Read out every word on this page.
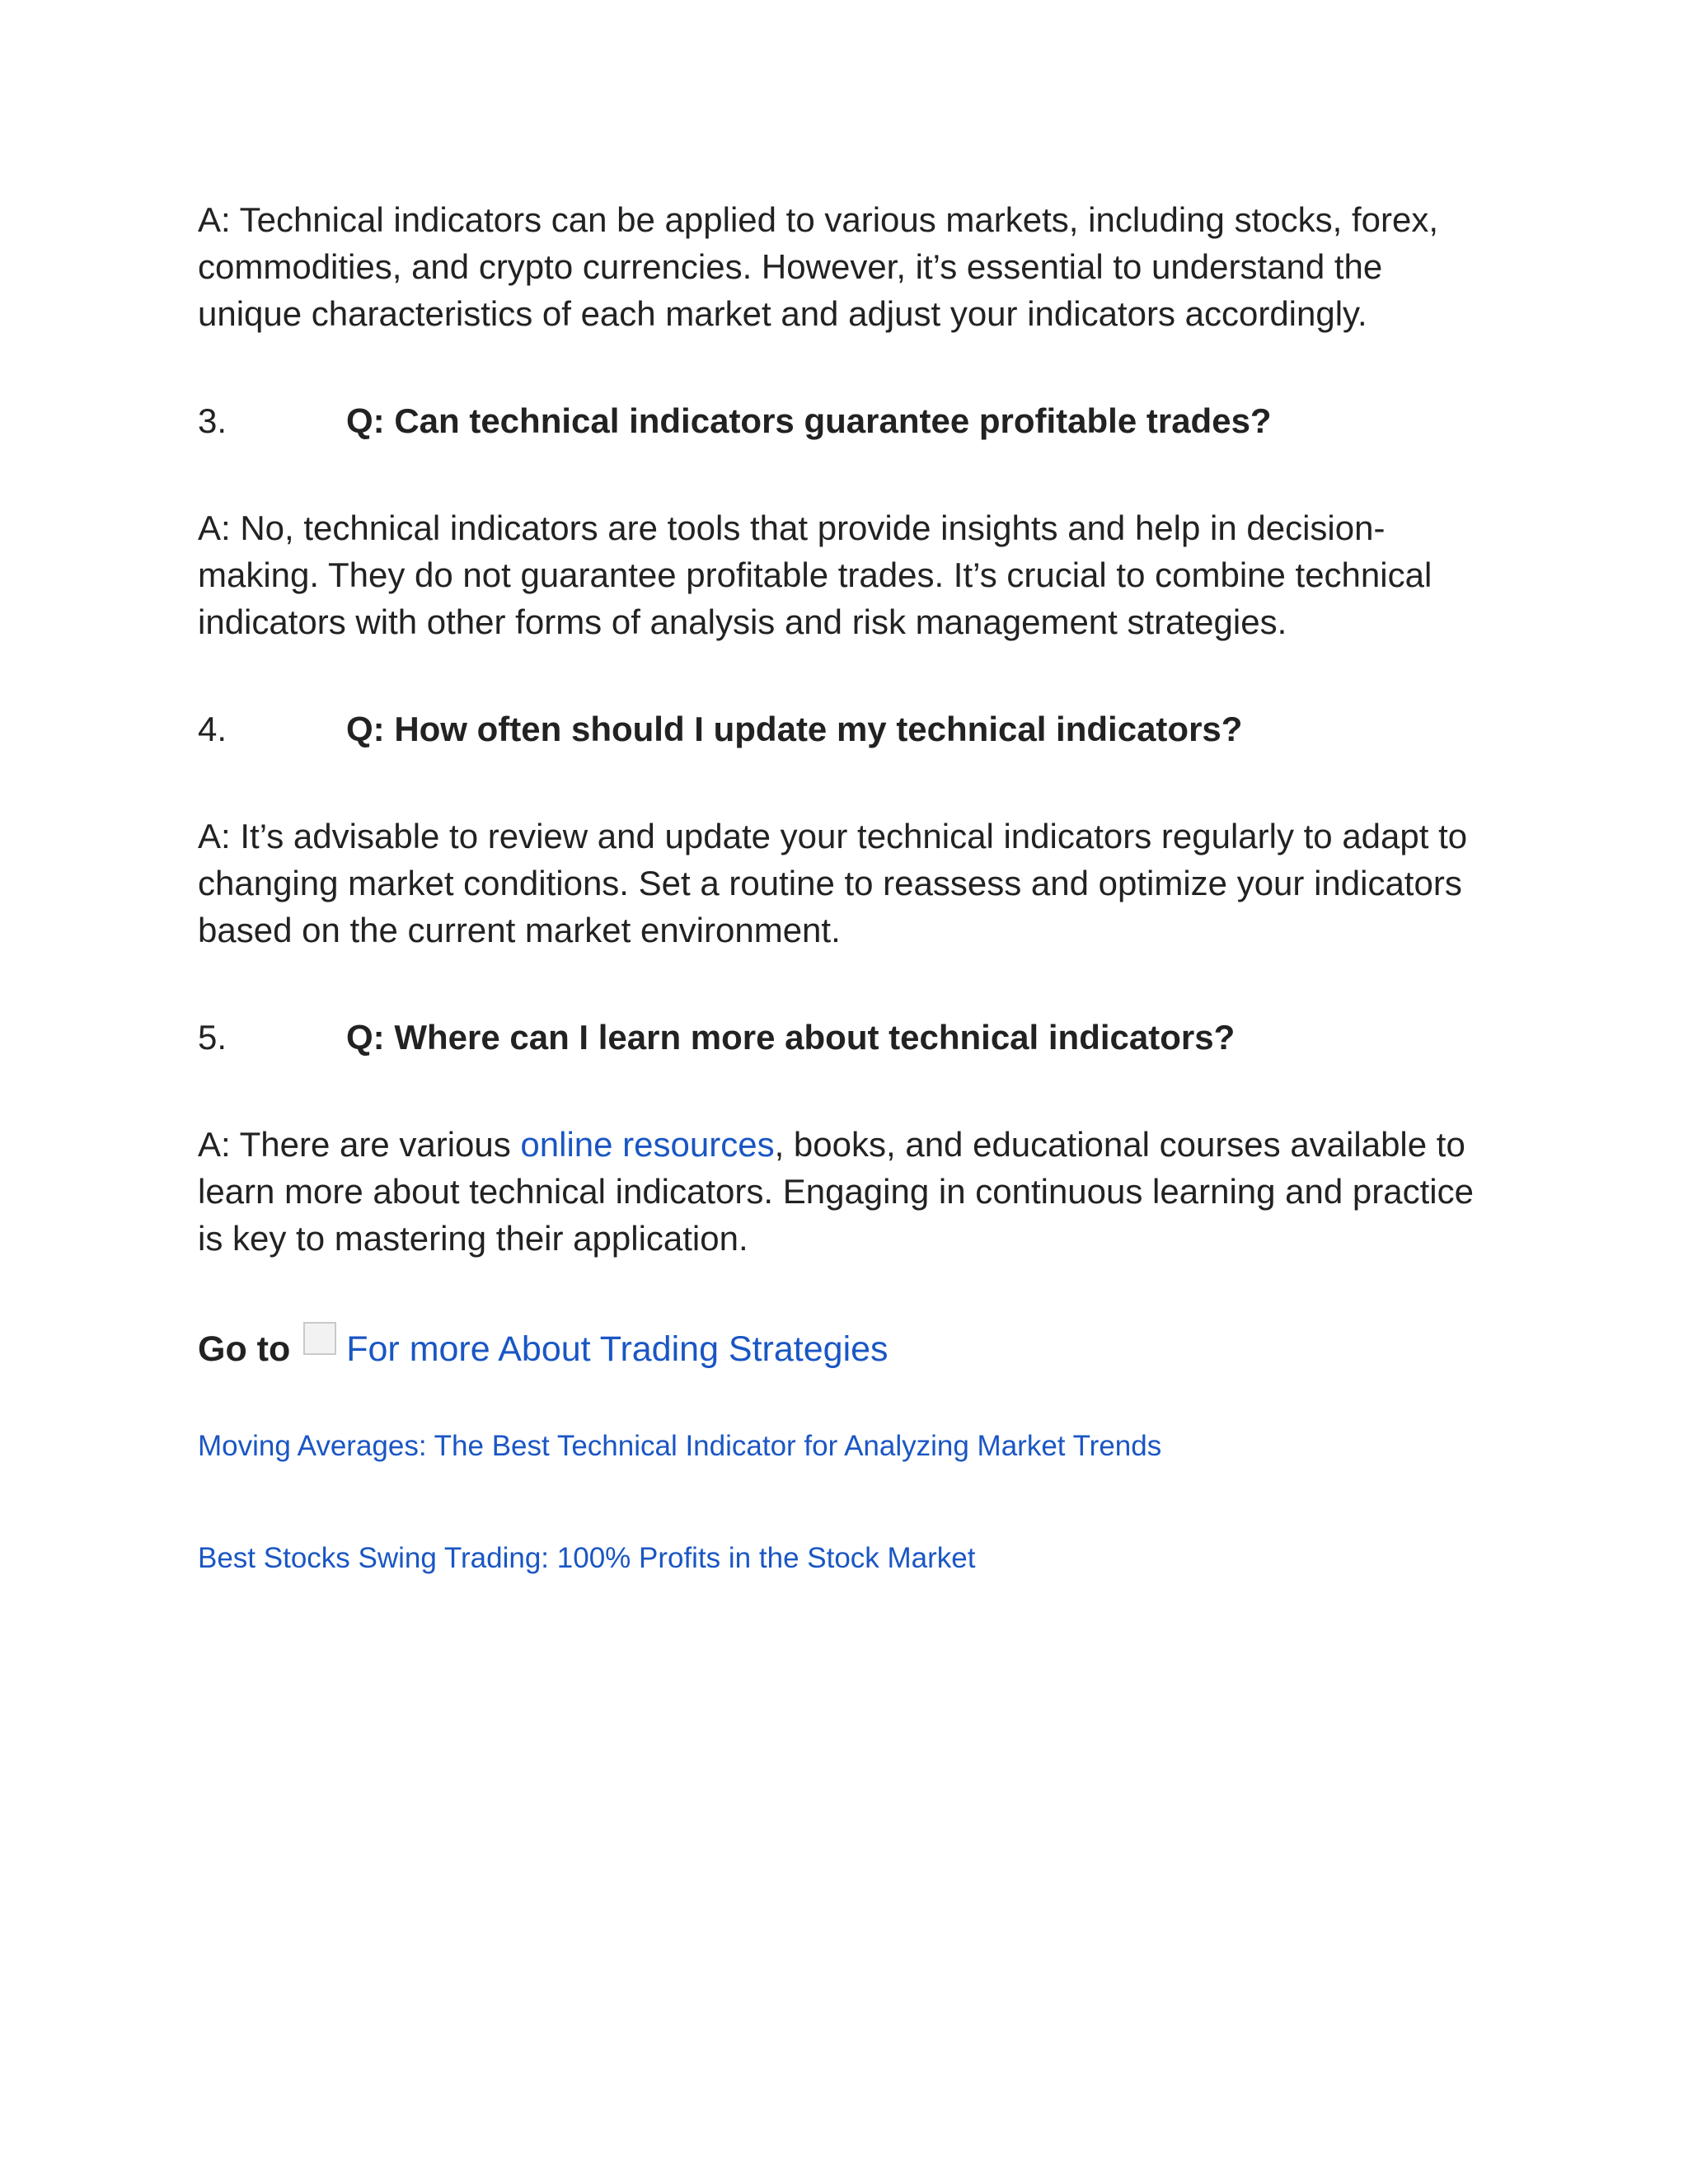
A: Technical indicators can be applied to various markets, including stocks, forex, commodities, and crypto currencies. However, it’s essential to understand the unique characteristics of each market and adjust your indicators accordingly.

3.	Q: Can technical indicators guarantee profitable trades?

A: No, technical indicators are tools that provide insights and help in decision-making. They do not guarantee profitable trades. It’s crucial to combine technical indicators with other forms of analysis and risk management strategies.

4.	Q: How often should I update my technical indicators?

A: It’s advisable to review and update your technical indicators regularly to adapt to changing market conditions. Set a routine to reassess and optimize your indicators based on the current market environment.

5.	Q: Where can I learn more about technical indicators?

A: There are various online resources, books, and educational courses available to learn more about technical indicators. Engaging in continuous learning and practice is key to mastering their application.

Go to For more About Trading Strategies

Moving Averages: The Best Technical Indicator for Analyzing Market Trends

Best Stocks Swing Trading: 100% Profits in the Stock Market
